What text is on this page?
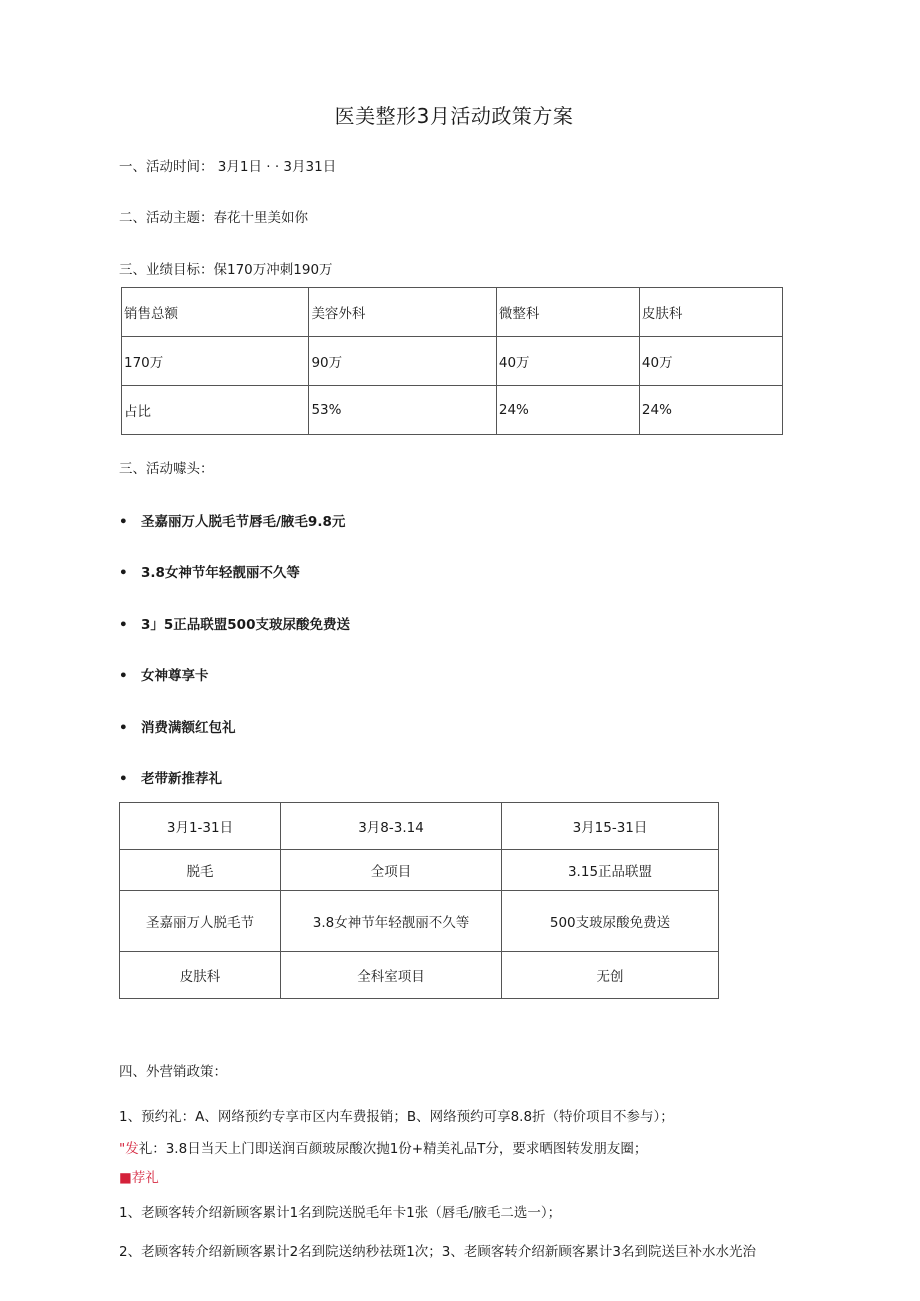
医美整形3月活动政策方案
一、活动时间： 3月1日 · · 3月31日
二、活动主题：春花十里美如你
三、业绩目标：保170万冲刺190万
销售总额	美容外科	微整科	皮肤科
170万	90万	40万	40万
占比	53%	24%	24%
三、活动噱头：
• 圣嘉丽万人脱毛节唇毛/腋毛9.8元
• 3.8女神节年轻靓丽不久等
• 3」5正品联盟500支玻尿酸免费送
• 女神尊享卡
• 消费满额红包礼
• 老带新推荐礼
3月1-31日	3月8-3.14	3月15-31日
脱毛	全项目	3.15正品联盟
圣嘉丽万人脱毛节	3.8女神节年轻靓丽不久等	500支玻尿酸免费送
皮肤科	全科室项目	无创
四、外营销政策：
1、预约礼：A、网络预约专享市区内车费报销；B、网络预约可享8.8折（特价项目不参与）；
"发礼：3.8日当天上门即送润百颜玻尿酸次抛1份+精美礼品T分，要求晒图转发朋友圈；
■荐礼
1、老顾客转介绍新顾客累计1名到院送脱毛年卡1张（唇毛/腋毛二选一）；
2、老顾客转介绍新顾客累计2名到院送纳秒祛斑1次；3、老顾客转介绍新顾客累计3名到院送巨补水水光治
